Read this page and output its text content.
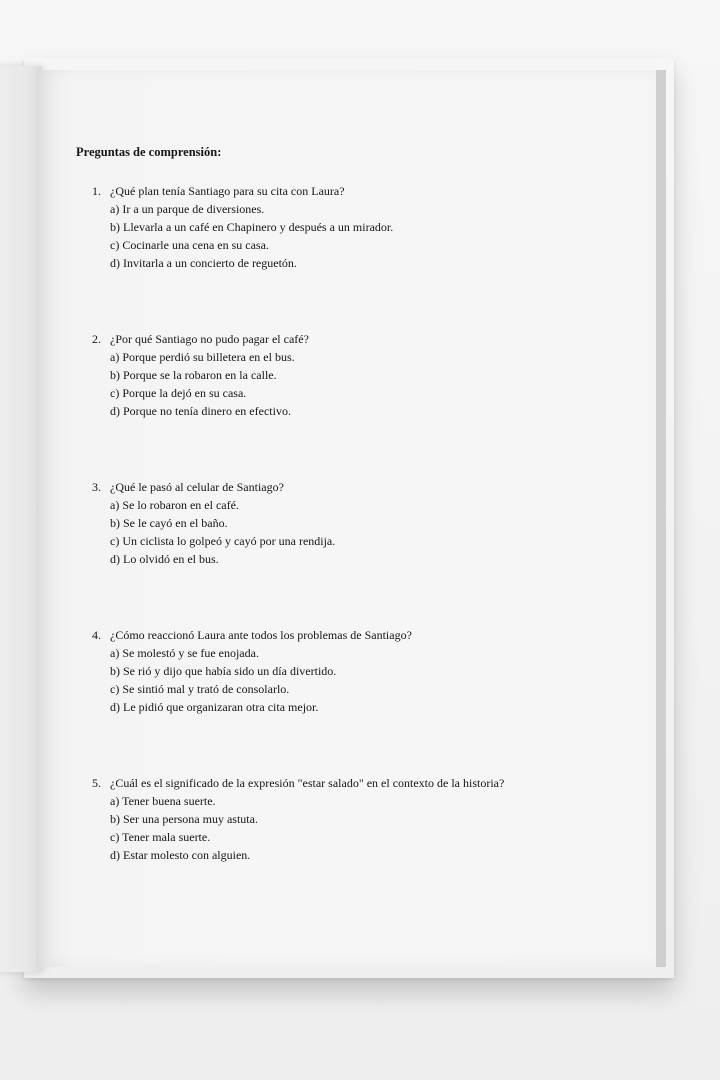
Preguntas de comprensión:
1. ¿Qué plan tenía Santiago para su cita con Laura?
a) Ir a un parque de diversiones.
b) Llevarla a un café en Chapinero y después a un mirador.
c) Cocinarle una cena en su casa.
d) Invitarla a un concierto de reguetón.
2. ¿Por qué Santiago no pudo pagar el café?
a) Porque perdió su billetera en el bus.
b) Porque se la robaron en la calle.
c) Porque la dejó en su casa.
d) Porque no tenía dinero en efectivo.
3. ¿Qué le pasó al celular de Santiago?
a) Se lo robaron en el café.
b) Se le cayó en el baño.
c) Un ciclista lo golpeó y cayó por una rendija.
d) Lo olvidó en el bus.
4. ¿Cómo reaccionó Laura ante todos los problemas de Santiago?
a) Se molestó y se fue enojada.
b) Se rió y dijo que había sido un día divertido.
c) Se sintió mal y trató de consolarlo.
d) Le pidió que organizaran otra cita mejor.
5. ¿Cuál es el significado de la expresión "estar salado" en el contexto de la historia?
a) Tener buena suerte.
b) Ser una persona muy astuta.
c) Tener mala suerte.
d) Estar molesto con alguien.
